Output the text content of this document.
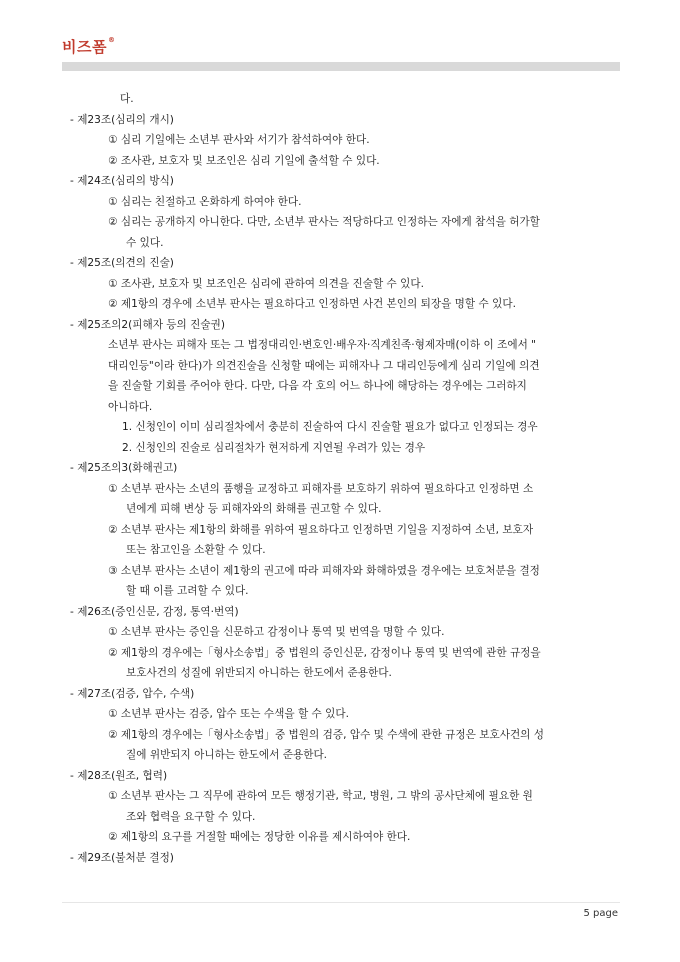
비즈폼®
다.
- 제23조(심리의 개시)
① 심리 기일에는 소년부 판사와 서기가 참석하여야 한다.
② 조사관, 보호자 및 보조인은 심리 기일에 출석할 수 있다.
- 제24조(심리의 방식)
① 심리는 친절하고 온화하게 하여야 한다.
② 심리는 공개하지 아니한다. 다만, 소년부 판사는 적당하다고 인정하는 자에게 참석을 허가할
수 있다.
- 제25조(의견의 진술)
① 조사관, 보호자 및 보조인은 심리에 관하여 의견을 진술할 수 있다.
② 제1항의 경우에 소년부 판사는 필요하다고 인정하면 사건 본인의 퇴장을 명할 수 있다.
- 제25조의2(피해자 등의 진술권)
소년부 판사는 피해자 또는 그 법정대리인·변호인·배우자·직계친족·형제자매(이하 이 조에서 "
대리인등"이라 한다)가 의견진술을 신청할 때에는 피해자나 그 대리인등에게 심리 기일에 의견
을 진술할 기회를 주어야 한다. 다만, 다음 각 호의 어느 하나에 해당하는 경우에는 그러하지
아니하다.
1. 신청인이 이미 심리절차에서 충분히 진술하여 다시 진술할 필요가 없다고 인정되는 경우
2. 신청인의 진술로 심리절차가 현저하게 지연될 우려가 있는 경우
- 제25조의3(화해권고)
① 소년부 판사는 소년의 품행을 교정하고 피해자를 보호하기 위하여 필요하다고 인정하면 소
년에게 피해 변상 등 피해자와의 화해를 권고할 수 있다.
② 소년부 판사는 제1항의 화해를 위하여 필요하다고 인정하면 기일을 지정하여 소년, 보호자
또는 참고인을 소환할 수 있다.
③ 소년부 판사는 소년이 제1항의 권고에 따라 피해자와 화해하였을 경우에는 보호처분을 결정
할 때 이를 고려할 수 있다.
- 제26조(증인신문, 감정, 통역·번역)
① 소년부 판사는 증인을 신문하고 감정이나 통역 및 번역을 명할 수 있다.
② 제1항의 경우에는「형사소송법」중 법원의 증인신문, 감정이나 통역 및 번역에 관한 규정을
보호사건의 성질에 위반되지 아니하는 한도에서 준용한다.
- 제27조(검증, 압수, 수색)
① 소년부 판사는 검증, 압수 또는 수색을 할 수 있다.
② 제1항의 경우에는「형사소송법」중 법원의 검증, 압수 및 수색에 관한 규정은 보호사건의 성
질에 위반되지 아니하는 한도에서 준용한다.
- 제28조(원조, 협력)
① 소년부 판사는 그 직무에 관하여 모든 행정기관, 학교, 병원, 그 밖의 공사단체에 필요한 원
조와 협력을 요구할 수 있다.
② 제1항의 요구를 거절할 때에는 정당한 이유를 제시하여야 한다.
- 제29조(불처분 결정)
5 page
